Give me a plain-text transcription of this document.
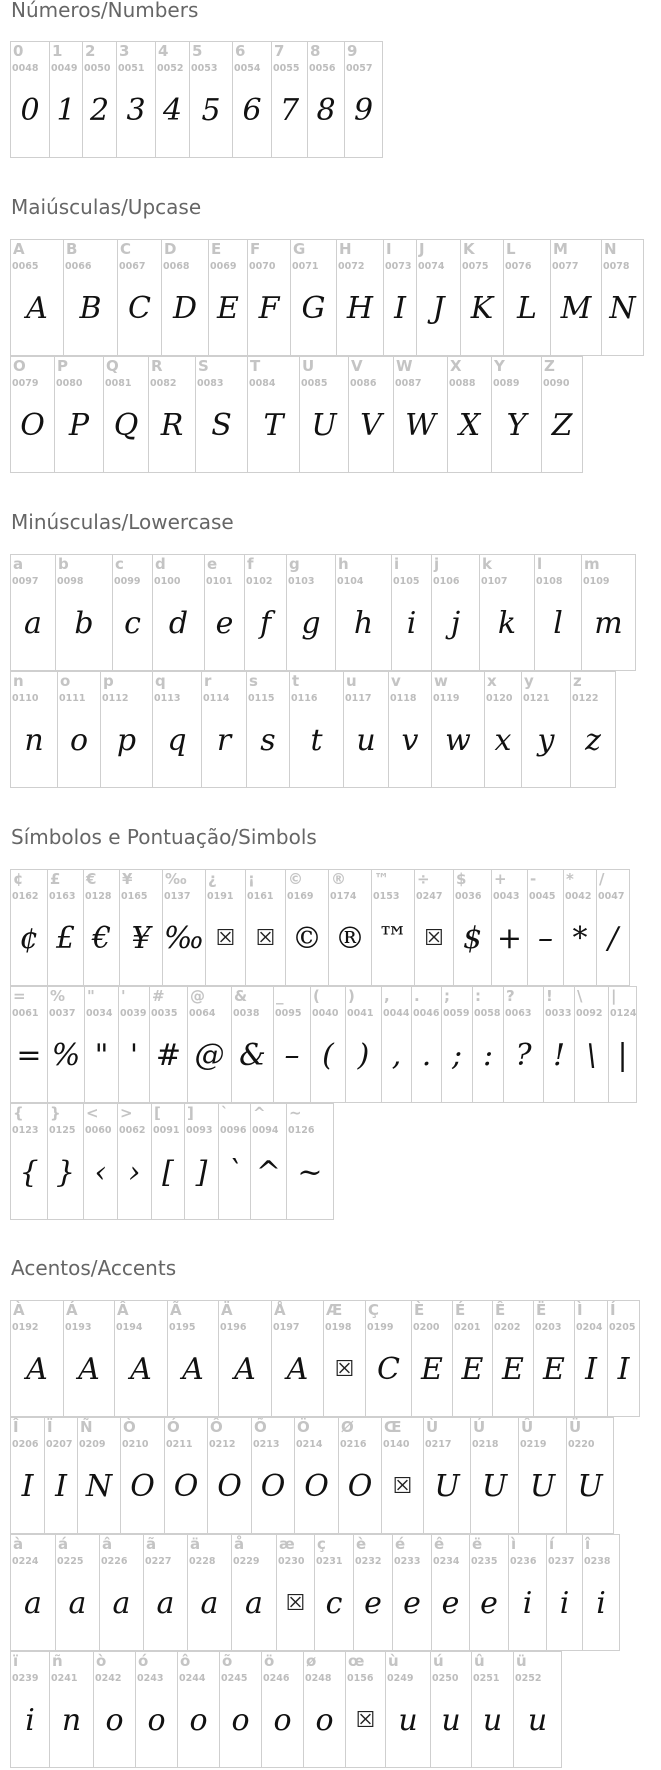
Números/Numbers
0
0048
0
1
0049
1
2
0050
2
3
0051
3
4
0052
4
5
0053
5
6
0054
6
7
0055
7
8
0056
8
9
0057
9
Maiúsculas/Upcase
A
0065
A
B
0066
B
C
0067
C
D
0068
D
E
0069
E
F
0070
F
G
0071
G
H
0072
H
I
0073
I
J
0074
J
K
0075
K
L
0076
L
M
0077
M
N
0078
N
O
0079
O
P
0080
P
Q
0081
Q
R
0082
R
S
0083
S
T
0084
T
U
0085
U
V
0086
V
W
0087
W
X
0088
X
Y
0089
Y
Z
0090
Z
Minúsculas/Lowercase
a
0097
a
b
0098
b
c
0099
c
d
0100
d
e
0101
e
f
0102
f
g
0103
g
h
0104
h
i
0105
i
j
0106
j
k
0107
k
l
0108
l
m
0109
m
n
0110
n
o
0111
o
p
0112
p
q
0113
q
r
0114
r
s
0115
s
t
0116
t
u
0117
u
v
0118
v
w
0119
w
x
0120
x
y
0121
y
z
0122
z
Símbolos e Pontuação/Simbols
¢
0162
¢
£
0163
£
€
0128
€
¥
0165
¥
‰
0137
‰
¿
0191
☒
¡
0161
☒
©
0169
©
®
0174
®
™
0153
™
÷
0247
☒
$
0036
$
+
0043
+
-
0045
–
*
0042
*
/
0047
/
=
0061
=
%
0037
%
"
0034
"
'
0039
'
#
0035
#
@
0064
@
&
0038
&
_
0095
–
(
0040
(
)
0041
)
,
0044
,
.
0046
.
;
0059
;
:
0058
:
?
0063
?
!
0033
!
\
0092
\
|
0124
|
{
0123
{
}
0125
}
<
0060
‹
>
0062
›
[
0091
[
]
0093
]
`
0096
`
^
0094
^
~
0126
~
Acentos/Accents
À
0192
A
Á
0193
A
Â
0194
A
Ã
0195
A
Ä
0196
A
Å
0197
A
Æ
0198
☒
Ç
0199
C
È
0200
E
É
0201
E
Ê
0202
E
Ë
0203
E
Ì
0204
I
Í
0205
I
Î
0206
I
Ï
0207
I
Ñ
0209
N
Ò
0210
O
Ó
0211
O
Ô
0212
O
Õ
0213
O
Ö
0214
O
Ø
0216
O
Œ
0140
☒
Ù
0217
U
Ú
0218
U
Û
0219
U
Ü
0220
U
à
0224
a
á
0225
a
â
0226
a
ã
0227
a
ä
0228
a
å
0229
a
æ
0230
☒
ç
0231
c
è
0232
e
é
0233
e
ê
0234
e
ë
0235
e
ì
0236
i
í
0237
i
î
0238
i
ï
0239
i
ñ
0241
n
ò
0242
o
ó
0243
o
ô
0244
o
õ
0245
o
ö
0246
o
ø
0248
o
œ
0156
☒
ù
0249
u
ú
0250
u
û
0251
u
ü
0252
u
